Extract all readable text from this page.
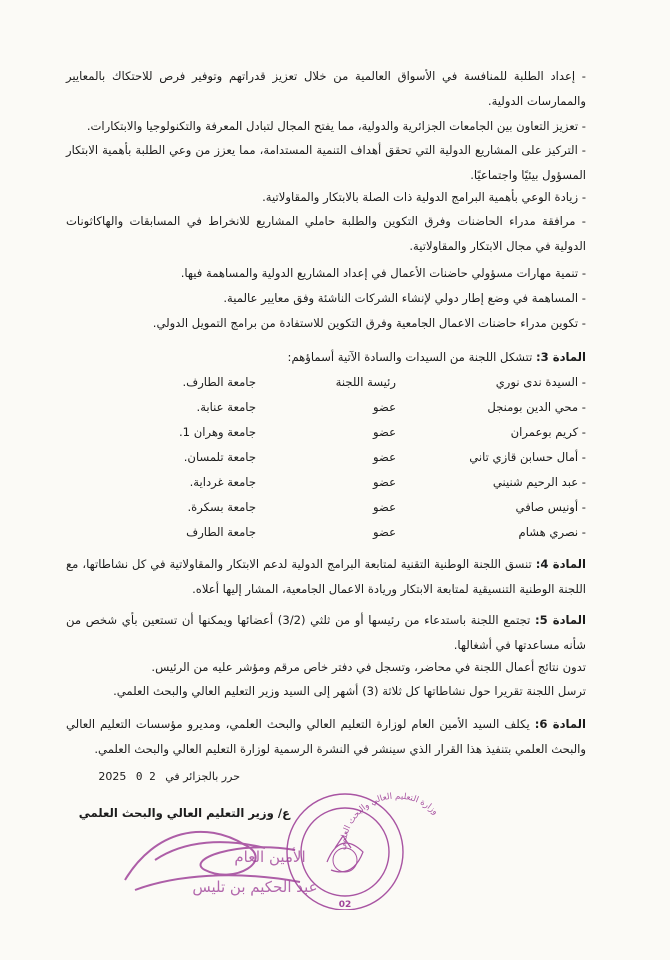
- إعداد الطلبة للمنافسة في الأسواق العالمية من خلال تعزيز قدراتهم وتوفير فرص للاحتكاك بالمعايير والممارسات الدولية.
- تعزيز التعاون بين الجامعات الجزائرية والدولية، مما يفتح المجال لتبادل المعرفة والتكنولوجيا والابتكارات.
- التركيز على المشاريع الدولية التي تحقق أهداف التنمية المستدامة، مما يعزز من وعي الطلبة بأهمية الابتكار المسؤول بيئيًا واجتماعيًا.
- زيادة الوعي بأهمية البرامج الدولية ذات الصلة بالابتكار والمقاولاتية.
- مرافقة مدراء الحاضنات وفرق التكوين والطلبة حاملي المشاريع للانخراط في المسابقات والهاكاثونات الدولية في مجال الابتكار والمقاولاتية.
- تنمية مهارات مسؤولي حاضنات الأعمال في إعداد المشاريع الدولية والمساهمة فيها.
- المساهمة في وضع إطار دولي لإنشاء الشركات الناشئة وفق معايير عالمية.
- تكوين مدراء حاضنات الاعمال الجامعية وفرق التكوين للاستفادة من برامج التمويل الدولي.
المادة 3: تتشكل اللجنة من السيدات والسادة الآتية أسماؤهم:
- السيدة ندى نوري
رئيسة اللجنة
جامعة الطارف.
- محي الدين بومنجل
عضو
جامعة عنابة.
- كريم بوعمران
عضو
جامعة وهران 1.
- أمال حسابن قازي تاني
عضو
جامعة تلمسان.
- عبد الرحيم شنيني
عضو
جامعة غرداية.
- أونيس صافي
عضو
جامعة بسكرة.
- نصري هشام
عضو
جامعة الطارف
المادة 4: تنسق اللجنة الوطنية التقنية لمتابعة البرامج الدولية لدعم الابتكار والمقاولاتية في كل نشاطاتها، مع اللجنة الوطنية التنسيقية لمتابعة الابتكار وريادة الاعمال الجامعية، المشار إليها أعلاه.
المادة 5: تجتمع اللجنة باستدعاء من رئيسها أو من ثلثي (3/2) أعضائها ويمكنها أن تستعين بأي شخص من شأنه مساعدتها في أشغالها.
تدون نتائج أعمال اللجنة في محاضر، وتسجل في دفتر خاص مرقم ومؤشر عليه من الرئيس.
ترسل اللجنة تقريرا حول نشاطاتها كل ثلاثة (3) أشهر إلى السيد وزير التعليم العالي والبحث العلمي.
المادة 6: يكلف السيد الأمين العام لوزارة التعليم العالي والبحث العلمي، ومديرو مؤسسات التعليم العالي والبحث العلمي بتنفيذ هذا القرار الذي سينشر في النشرة الرسمية لوزارة التعليم العالي والبحث العلمي.
حرر بالجزائر في 2 0 2025
ع/ وزير التعليم العالي والبحث العلمي
وزارة التعليم العالي والبحث العلمي
02
الأمين العام
عبد الحكيم بن تليس
